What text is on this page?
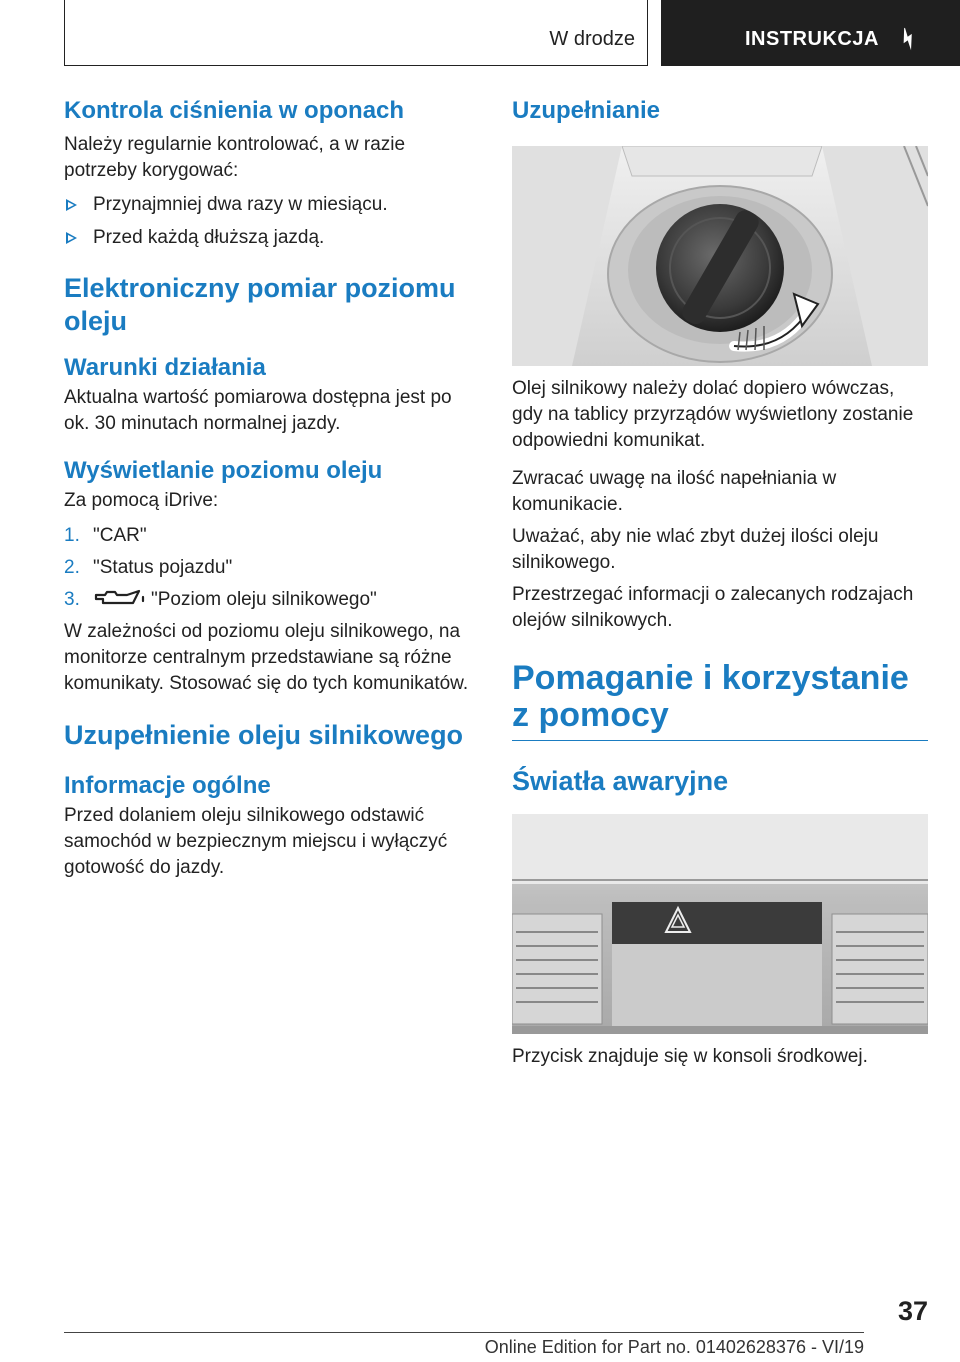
W drodze	INSTRUKCJA
Kontrola ciśnienia w oponach

Należy regularnie kontrolować, a w razie potrzeby korygować:

Przynajmniej dwa razy w miesiącu.
Przed każdą dłuższą jazdą.
Elektroniczny pomiar poziomu oleju
Warunki działania

Aktualna wartość pomiarowa dostępna jest po ok. 30 minutach normalnej jazdy.

Wyświetlanie poziomu oleju

Za pomocą iDrive:

1. "CAR"
2. "Status pojazdu"
3.	"Poziom oleju silnikowego"

W zależności od poziomu oleju silnikowego, na monitorze centralnym przedstawiane są różne komunikaty. Stosować się do tych komunikatów.

Uzupełnienie oleju silnikowego
Informacje ogólne

Przed dolaniem oleju silnikowego odstawić samochód w bezpiecznym miejscu i wyłączyć gotowość do jazdy.

Uzupełnianie

Olej silnikowy należy dolać dopiero wówczas, gdy na tablicy przyrządów wyświetlony zostanie odpowiedni komunikat.

Zwracać uwagę na ilość napełniania w komunikacie.

Uważać, aby nie wlać zbyt dużej ilości oleju silnikowego.

Przestrzegać informacji o zalecanych rodzajach olejów silnikowych.

Pomaganie i korzystanie z pomocy
Światła awaryjne

Przycisk znajduje się w konsoli środkowej.

37
Online Edition for Part no. 01402628376 - VI/19
